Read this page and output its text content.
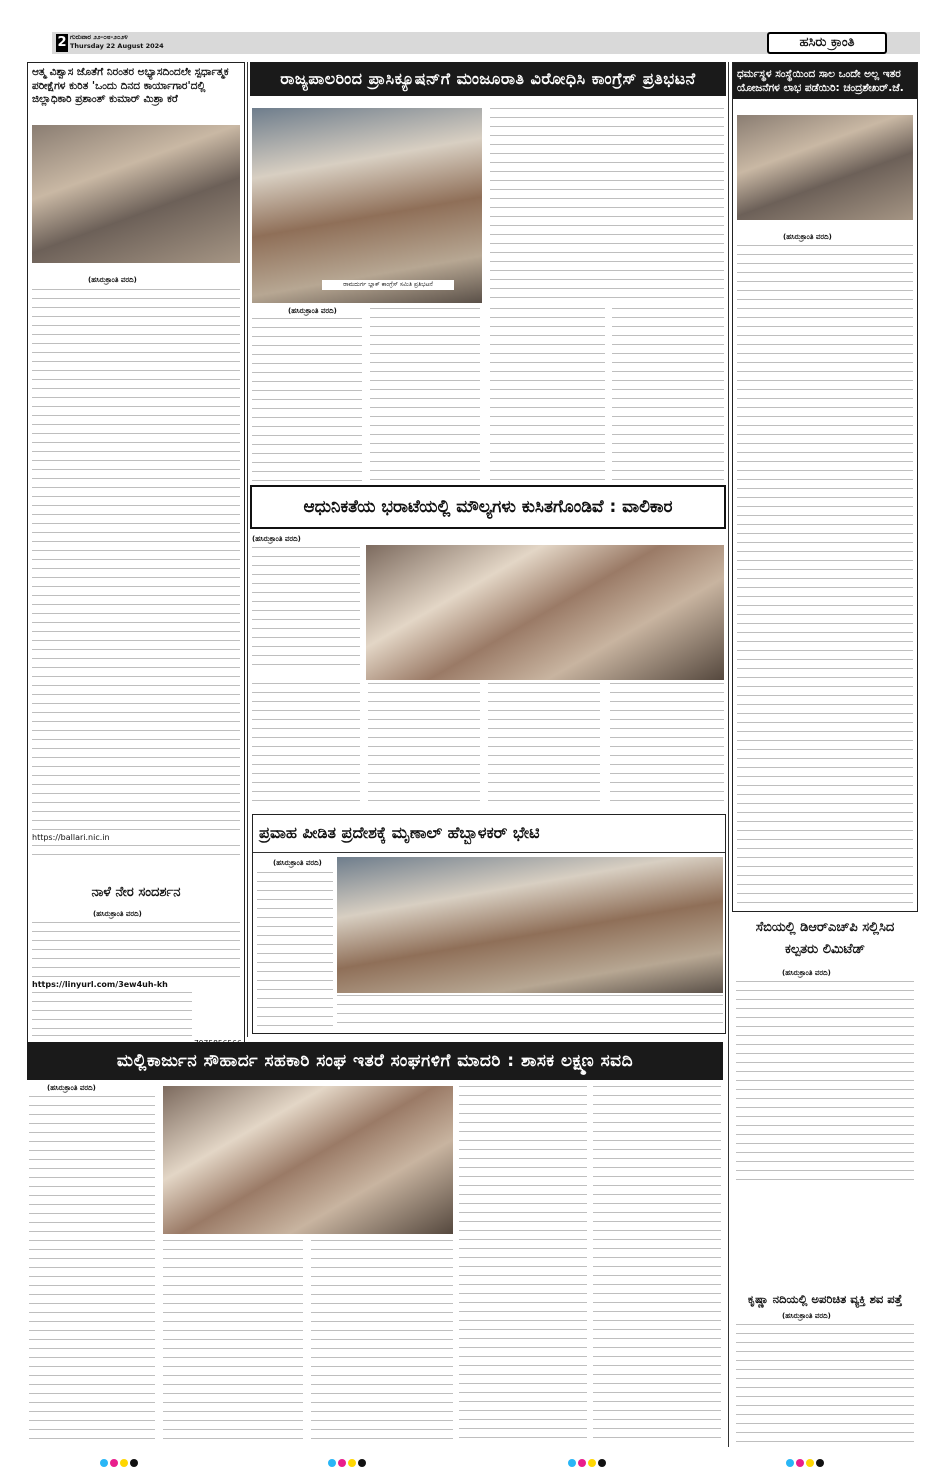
2 ಗುರುವಾರ ೨೨-೦೮-೨೦೨೪
Thursday 22 August 2024	ಹಸಿರು ಕ್ರಾಂತಿ
ಆತ್ಮ ವಿಶ್ವಾಸ ಜೊತೆಗೆ ನಿರಂತರ ಅಭ್ಯಾಸದಿಂದಲೇ ಸ್ಪರ್ಧಾತ್ಮಕ ಪರೀಕ್ಷೆಗಳ ಕುರಿತ 'ಒಂದು ದಿನದ ಕಾರ್ಯಾಗಾರ'ದಲ್ಲಿ ಜಿಲ್ಲಾಧಿಕಾರಿ ಪ್ರಶಾಂತ್ ಕುಮಾರ್ ಮಿಶ್ರಾ ಕರೆ
(ಹಸಿರುಕ್ರಾಂತಿ ವರದಿ)
https://ballari.nic.in
ನಾಳೆ ನೇರ ಸಂದರ್ಶನ
(ಹಸಿರುಕ್ರಾಂತಿ ವರದಿ)
https://linyurl.com/3ew4uh-kh
ರಾಜ್ಯಪಾಲರಿಂದ ಪ್ರಾಸಿಕ್ಯೂಷನ್‌ಗೆ ಮಂಜೂರಾತಿ ವಿರೋಧಿಸಿ ಕಾಂಗ್ರೆಸ್ ಪ್ರತಿಭಟನೆ
ರಾಮದುರ್ಗ ಬ್ಲಾಕ್ ಕಾಂಗ್ರೆಸ್ ಸಮಿತಿ ಪ್ರತಿಭಟನೆ
(ಹಸಿರುಕ್ರಾಂತಿ ವರದಿ)
ಆಧುನಿಕತೆಯ ಭರಾಟೆಯಲ್ಲಿ ಮೌಲ್ಯಗಳು ಕುಸಿತಗೊಂಡಿವೆ : ವಾಲಿಕಾರ
(ಹಸಿರುಕ್ರಾಂತಿ ವರದಿ)
ಪ್ರವಾಹ ಪೀಡಿತ ಪ್ರದೇಶಕ್ಕೆ ಮೃಣಾಲ್ ಹೆಬ್ಬಾಳಕರ್ ಭೇಟಿ
(ಹಸಿರುಕ್ರಾಂತಿ ವರದಿ)
ಧರ್ಮಸ್ಥಳ ಸಂಸ್ಥೆಯಿಂದ ಸಾಲ ಒಂದೇ ಅಲ್ಲ ಇತರ ಯೋಜನೆಗಳ ಲಾಭ ಪಡೆಯಿರಿ: ಚಂದ್ರಶೇಖರ್.ಜೆ.
(ಹಸಿರುಕ್ರಾಂತಿ ವರದಿ)
ಸೆಬಿಯಲ್ಲಿ ಡಿಆರ್‌ಎಚ್‌ಪಿ ಸಲ್ಲಿಸಿದ ಕಲ್ಪತರು ಲಿಮಿಟೆಡ್
(ಹಸಿರುಕ್ರಾಂತಿ ವರದಿ)
ಮಲ್ಲಿಕಾರ್ಜುನ ಸೌಹಾರ್ದ ಸಹಕಾರಿ ಸಂಘ ಇತರೆ ಸಂಘಗಳಿಗೆ ಮಾದರಿ : ಶಾಸಕ ಲಕ್ಷ್ಮಣ ಸವದಿ
(ಹಸಿರುಕ್ರಾಂತಿ ವರದಿ)
ಕೃಷ್ಣಾ ನದಿಯಲ್ಲಿ ಅಪರಿಚಿತ ವ್ಯಕ್ತಿ ಶವ ಪತ್ತೆ
(ಹಸಿರುಕ್ರಾಂತಿ ವರದಿ)
